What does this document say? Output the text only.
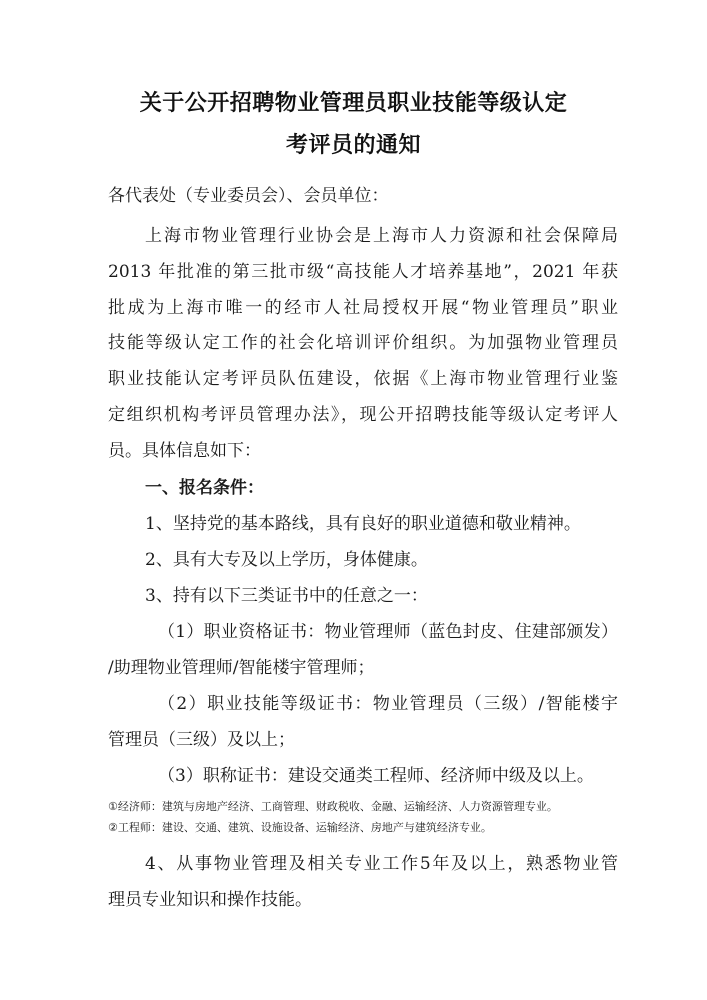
关于公开招聘物业管理员职业技能等级认定
考评员的通知
各代表处（专业委员会）、会员单位：
上海市物业管理行业协会是上海市人力资源和社会保障局
2013 年批准的第三批市级“高技能人才培养基地”，2021 年获
批成为上海市唯一的经市人社局授权开展“物业管理员”职业
技能等级认定工作的社会化培训评价组织。为加强物业管理员
职业技能认定考评员队伍建设，依据《上海市物业管理行业鉴
定组织机构考评员管理办法》，现公开招聘技能等级认定考评人
员。具体信息如下：
一、报名条件：
1、坚持党的基本路线，具有良好的职业道德和敬业精神。
2、具有大专及以上学历，身体健康。
3、持有以下三类证书中的任意之一：
（1）职业资格证书：物业管理师（蓝色封皮、住建部颁发）
/助理物业管理师/智能楼宇管理师；
（2）职业技能等级证书：物业管理员（三级）/智能楼宇
管理员（三级）及以上；
（3）职称证书：建设交通类工程师、经济师中级及以上。
①经济师：建筑与房地产经济、工商管理、财政税收、金融、运输经济、人力资源管理专业。
②工程师：建设、交通、建筑、设施设备、运输经济、房地产与建筑经济专业。
4、从事物业管理及相关专业工作5年及以上，熟悉物业管
理员专业知识和操作技能。
